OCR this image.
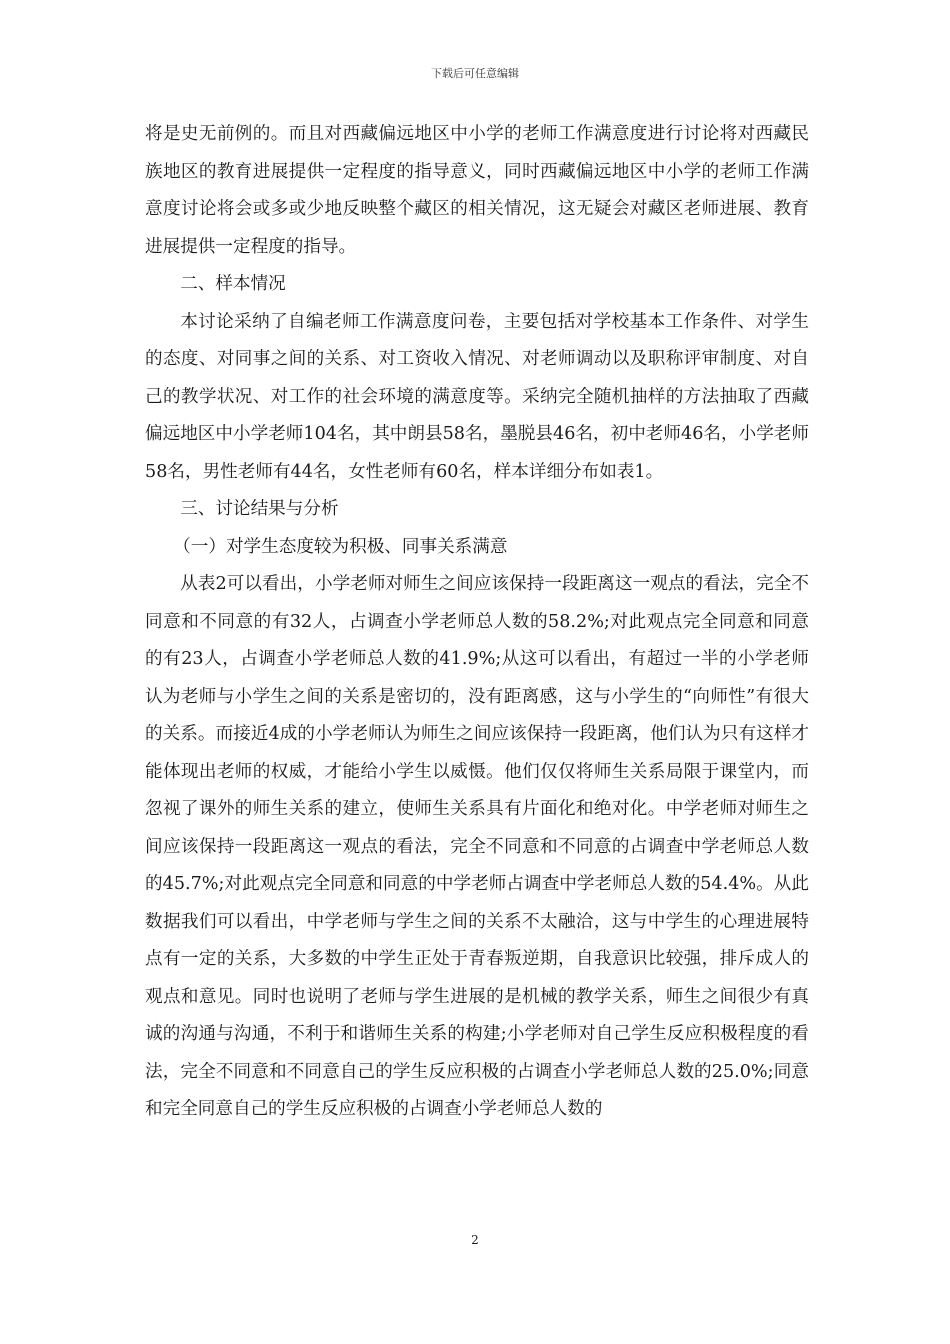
下载后可任意编辑

将是史无前例的。而且对西藏偏远地区中小学的老师工作满意度进行讨论将对西藏民族地区的教育进展提供一定程度的指导意义，同时西藏偏远地区中小学的老师工作满意度讨论将会或多或少地反映整个藏区的相关情况，这无疑会对藏区老师进展、教育进展提供一定程度的指导。

二、样本情况

本讨论采纳了自编老师工作满意度问卷，主要包括对学校基本工作条件、对学生的态度、对同事之间的关系、对工资收入情况、对老师调动以及职称评审制度、对自己的教学状况、对工作的社会环境的满意度等。采纳完全随机抽样的方法抽取了西藏偏远地区中小学老师104名，其中朗县58名，墨脱县46名，初中老师46名，小学老师58名，男性老师有44名，女性老师有60名，样本详细分布如表1。

三、讨论结果与分析

（一）对学生态度较为积极、同事关系满意

从表2可以看出，小学老师对师生之间应该保持一段距离这一观点的看法，完全不同意和不同意的有32人，占调查小学老师总人数的58.2%;对此观点完全同意和同意的有23人，占调查小学老师总人数的41.9%;从这可以看出，有超过一半的小学老师认为老师与小学生之间的关系是密切的，没有距离感，这与小学生的“向师性”有很大的关系。而接近4成的小学老师认为师生之间应该保持一段距离，他们认为只有这样才能体现出老师的权威，才能给小学生以威慑。他们仅仅将师生关系局限于课堂内，而忽视了课外的师生关系的建立，使师生关系具有片面化和绝对化。中学老师对师生之间应该保持一段距离这一观点的看法，完全不同意和不同意的占调查中学老师总人数的45.7%;对此观点完全同意和同意的中学老师占调查中学老师总人数的54.4%。从此数据我们可以看出，中学老师与学生之间的关系不太融洽，这与中学生的心理进展特点有一定的关系，大多数的中学生正处于青春叛逆期，自我意识比较强，排斥成人的观点和意见。同时也说明了老师与学生进展的是机械的教学关系，师生之间很少有真诚的沟通与沟通，不利于和谐师生关系的构建;小学老师对自己学生反应积极程度的看法，完全不同意和不同意自己的学生反应积极的占调查小学老师总人数的25.0%;同意和完全同意自己的学生反应积极的占调查小学老师总人数的

2
